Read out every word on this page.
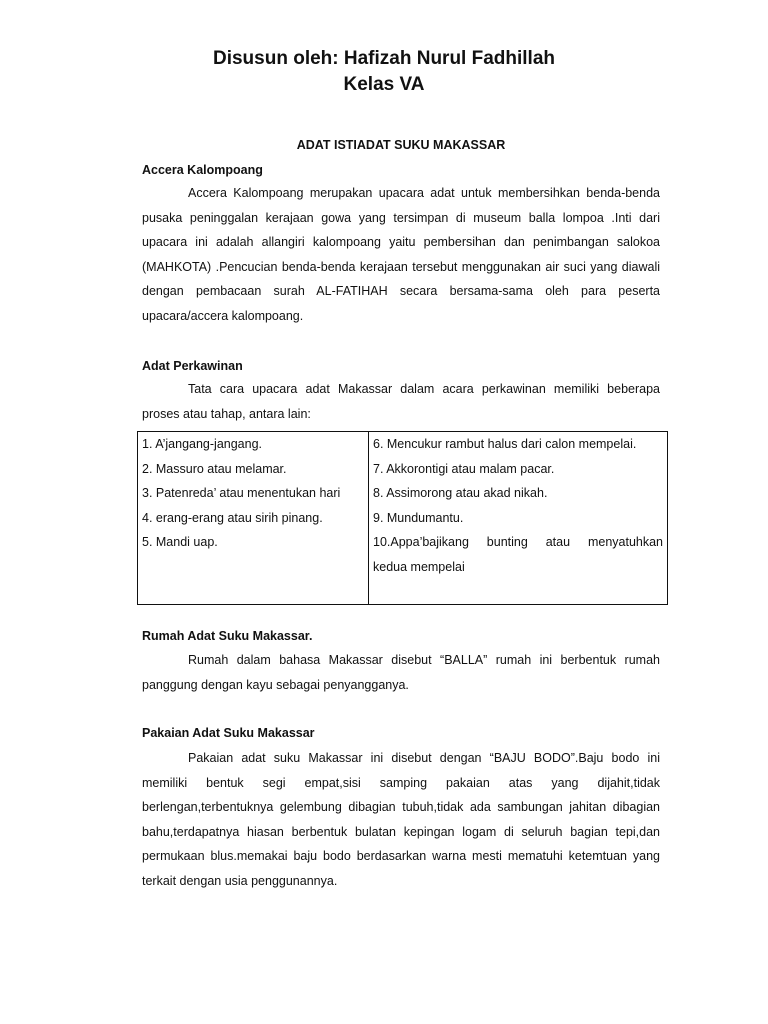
Disusun oleh: Hafizah Nurul Fadhillah
Kelas VA
ADAT ISTIADAT SUKU MAKASSAR
Accera Kalompoang
Accera Kalompoang merupakan upacara adat untuk membersihkan benda-benda
pusaka peninggalan kerajaan gowa yang tersimpan di museum balla lompoa .Inti dari
upacara ini adalah allangiri kalompoang yaitu pembersihan dan penimbangan salokoa
(MAHKOTA) .Pencucian benda-benda kerajaan tersebut menggunakan air suci yang diawali
dengan pembacaan surah AL-FATIHAH secara bersama-sama oleh para peserta
upacara/accera kalompoang.
Adat Perkawinan
Tata cara upacara adat Makassar dalam acara perkawinan memiliki beberapa
proses atau tahap, antara lain:
1. A’jangang-jangang.
2. Massuro atau melamar.
3. Patenreda’ atau menentukan hari
4. erang-erang atau sirih pinang.
5. Mandi uap.

6. Mencukur rambut halus dari calon mempelai.
7. Akkorontigi atau malam pacar.
8. Assimorong atau akad nikah.
9. Mundumantu.
10.Appa’bajikang bunting atau menyatuhkan
kedua mempelai
Rumah Adat Suku Makassar.
Rumah dalam bahasa Makassar disebut “BALLA” rumah ini berbentuk rumah
panggung dengan kayu sebagai penyangganya.
Pakaian Adat Suku Makassar
Pakaian adat suku Makassar ini disebut dengan “BAJU BODO”.Baju bodo ini
memiliki bentuk segi empat,sisi samping pakaian atas yang dijahit,tidak
berlengan,terbentuknya gelembung dibagian tubuh,tidak ada sambungan jahitan dibagian
bahu,terdapatnya hiasan berbentuk bulatan kepingan logam di seluruh bagian tepi,dan
permukaan blus.memakai baju bodo berdasarkan warna mesti mematuhi ketemtuan yang
terkait dengan usia penggunannya.
